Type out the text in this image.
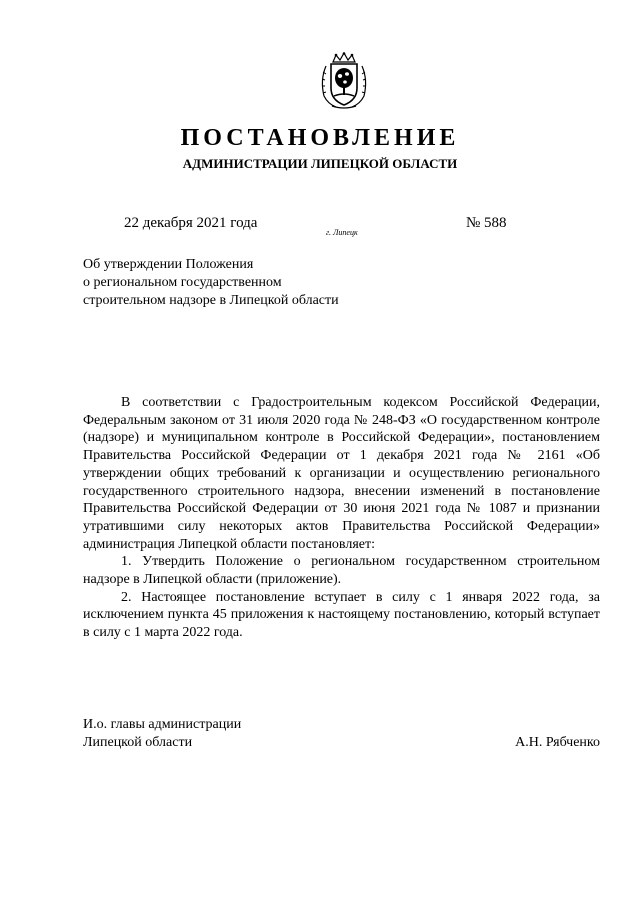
ПОСТАНОВЛЕНИЕ
АДМИНИСТРАЦИИ ЛИПЕЦКОЙ ОБЛАСТИ
22 декабря 2021 года
г. Липецк
№ 588
Об утверждении Положения
о региональном государственном
строительном надзоре в Липецкой области

В соответствии с Градостроительным кодексом Российской Федерации, Федеральным законом от 31 июля 2020 года № 248-ФЗ «О государственном контроле (надзоре) и муниципальном контроле в Российской Федерации», постановлением Правительства Российской Федерации от 1 декабря 2021 года № 2161 «Об утверждении общих требований к организации и осуществлению регионального государственного строительного надзора, внесении изменений в постановление Правительства Российской Федерации от 30 июня 2021 года № 1087 и признании утратившими силу некоторых актов Правительства Российской Федерации» администрация Липецкой области постановляет:

1. Утвердить Положение о региональном государственном строительном надзоре в Липецкой области (приложение).

2. Настоящее постановление вступает в силу с 1 января 2022 года, за исключением пункта 45 приложения к настоящему постановлению, который вступает в силу с 1 марта 2022 года.

И.о. главы администрации
Липецкой области	А.Н. Рябченко
